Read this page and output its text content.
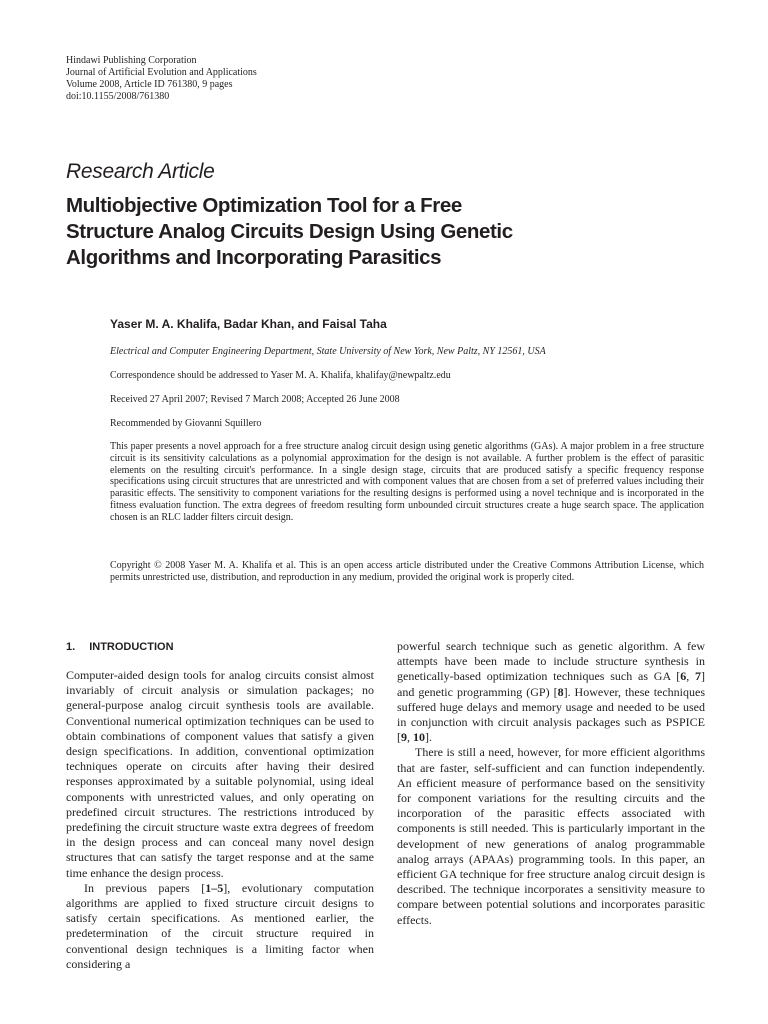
Hindawi Publishing Corporation
Journal of Artificial Evolution and Applications
Volume 2008, Article ID 761380, 9 pages
doi:10.1155/2008/761380
Research Article
Multiobjective Optimization Tool for a Free
Structure Analog Circuits Design Using Genetic
Algorithms and Incorporating Parasitics
Yaser M. A. Khalifa, Badar Khan, and Faisal Taha
Electrical and Computer Engineering Department, State University of New York, New Paltz, NY 12561, USA
Correspondence should be addressed to Yaser M. A. Khalifa, khalifay@newpaltz.edu
Received 27 April 2007; Revised 7 March 2008; Accepted 26 June 2008
Recommended by Giovanni Squillero
This paper presents a novel approach for a free structure analog circuit design using genetic algorithms (GAs). A major problem in a free structure circuit is its sensitivity calculations as a polynomial approximation for the design is not available. A further problem is the effect of parasitic elements on the resulting circuit's performance. In a single design stage, circuits that are produced satisfy a specific frequency response specifications using circuit structures that are unrestricted and with component values that are chosen from a set of preferred values including their parasitic effects. The sensitivity to component variations for the resulting designs is performed using a novel technique and is incorporated in the fitness evaluation function. The extra degrees of freedom resulting form unbounded circuit structures create a huge search space. The application chosen is an RLC ladder filters circuit design.
Copyright © 2008 Yaser M. A. Khalifa et al. This is an open access article distributed under the Creative Commons Attribution License, which permits unrestricted use, distribution, and reproduction in any medium, provided the original work is properly cited.
1. INTRODUCTION

Computer-aided design tools for analog circuits consist almost invariably of circuit analysis or simulation packages; no general-purpose analog circuit synthesis tools are available. Conventional numerical optimization techniques can be used to obtain combinations of component values that satisfy a given design specifications. In addition, conventional optimization techniques operate on circuits after having their desired responses approximated by a suitable polynomial, using ideal components with unrestricted values, and only operating on predefined circuit structures. The restrictions introduced by predefining the circuit structure waste extra degrees of freedom in the design process and can conceal many novel design structures that can satisfy the target response and at the same time enhance the design process.

In previous papers [1–5], evolutionary computation algorithms are applied to fixed structure circuit designs to satisfy certain specifications. As mentioned earlier, the predetermination of the circuit structure required in conventional design techniques is a limiting factor when considering a

powerful search technique such as genetic algorithm. A few attempts have been made to include structure synthesis in genetically-based optimization techniques such as GA [6, 7] and genetic programming (GP) [8]. However, these techniques suffered huge delays and memory usage and needed to be used in conjunction with circuit analysis packages such as PSPICE [9, 10].

There is still a need, however, for more efficient algorithms that are faster, self-sufficient and can function independently. An efficient measure of performance based on the sensitivity for component variations for the resulting circuits and the incorporation of the parasitic effects associated with components is still needed. This is particularly important in the development of new generations of analog programmable analog arrays (APAAs) programming tools. In this paper, an efficient GA technique for free structure analog circuit design is described. The technique incorporates a sensitivity measure to compare between potential solutions and incorporates parasitic effects.
